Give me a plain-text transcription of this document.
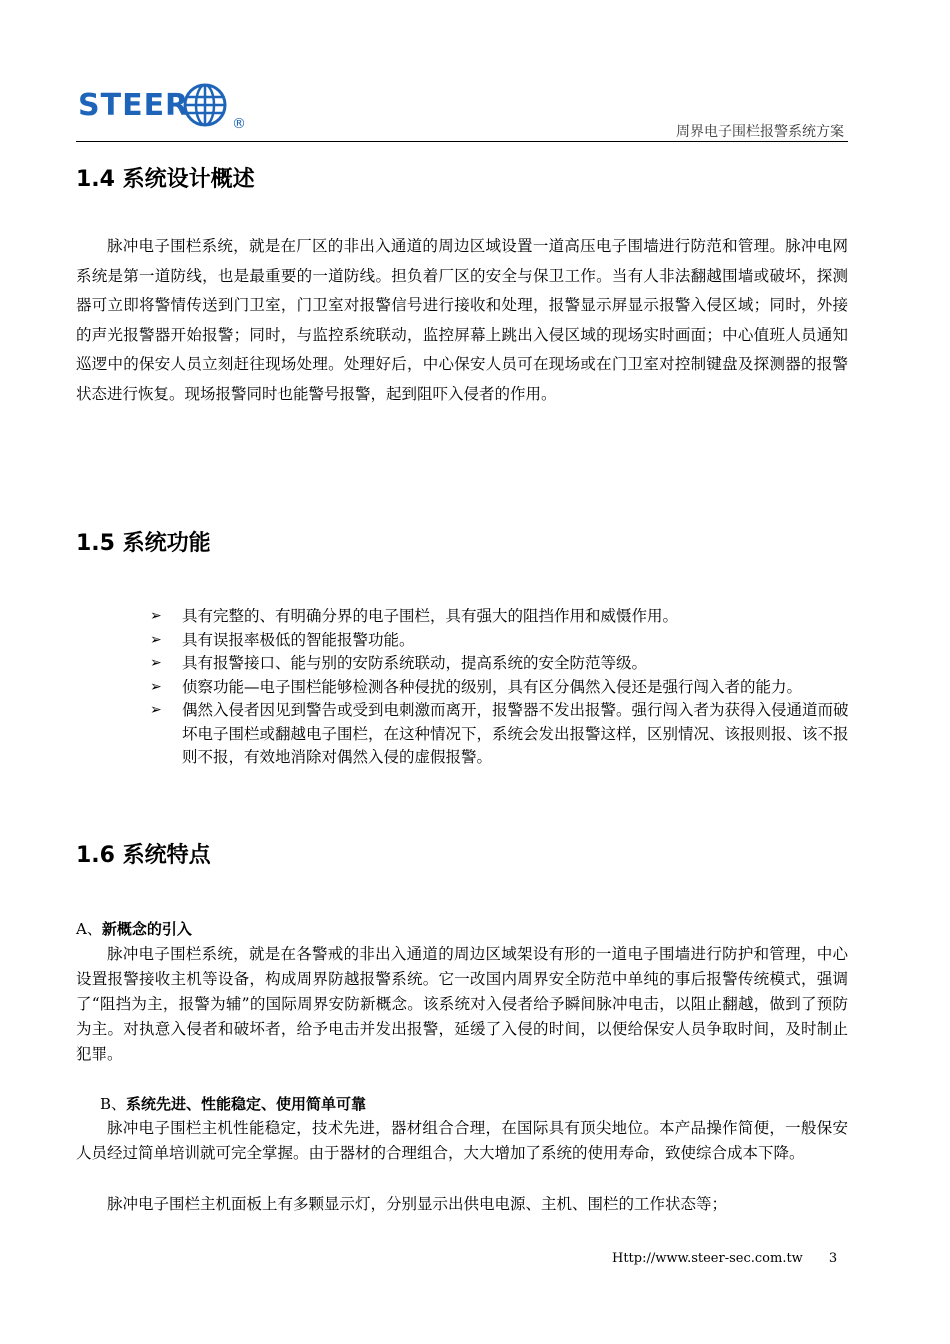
STEER
®	周界电子围栏报警系统方案
1.4 系统设计概述
脉冲电子围栏系统，就是在厂区的非出入通道的周边区域设置一道高压电子围墙进行防范和管理。脉冲电网系统是第一道防线，也是最重要的一道防线。担负着厂区的安全与保卫工作。当有人非法翻越围墙或破坏，探测器可立即将警情传送到门卫室，门卫室对报警信号进行接收和处理，报警显示屏显示报警入侵区域；同时，外接的声光报警器开始报警；同时，与监控系统联动，监控屏幕上跳出入侵区域的现场实时画面；中心值班人员通知巡逻中的保安人员立刻赶往现场处理。处理好后，中心保安人员可在现场或在门卫室对控制键盘及探测器的报警状态进行恢复。现场报警同时也能警号报警，起到阻吓入侵者的作用。
1.5 系统功能
➢ 具有完整的、有明确分界的电子围栏，具有强大的阻挡作用和威慑作用。
➢ 具有误报率极低的智能报警功能。
➢ 具有报警接口、能与别的安防系统联动，提高系统的安全防范等级。
➢ 侦察功能—电子围栏能够检测各种侵扰的级别，具有区分偶然入侵还是强行闯入者的能力。
➢ 偶然入侵者因见到警告或受到电刺激而离开，报警器不发出报警。强行闯入者为获得入侵通道而破坏电子围栏或翻越电子围栏，在这种情况下，系统会发出报警这样，区别情况、该报则报、该不报则不报，有效地消除对偶然入侵的虚假报警。
1.6 系统特点
A、新概念的引入
脉冲电子围栏系统，就是在各警戒的非出入通道的周边区域架设有形的一道电子围墙进行防护和管理，中心设置报警接收主机等设备，构成周界防越报警系统。它一改国内周界安全防范中单纯的事后报警传统模式，强调了“阻挡为主，报警为辅”的国际周界安防新概念。该系统对入侵者给予瞬间脉冲电击，以阻止翻越，做到了预防为主。对执意入侵者和破坏者，给予电击并发出报警，延缓了入侵的时间，以便给保安人员争取时间，及时制止犯罪。
B、系统先进、性能稳定、使用简单可靠
脉冲电子围栏主机性能稳定，技术先进，器材组合合理，在国际具有顶尖地位。本产品操作简便，一般保安人员经过简单培训就可完全掌握。由于器材的合理组合，大大增加了系统的使用寿命，致使综合成本下降。
脉冲电子围栏主机面板上有多颗显示灯，分别显示出供电电源、主机、围栏的工作状态等；
Http://www.steer-sec.com.tw 3
